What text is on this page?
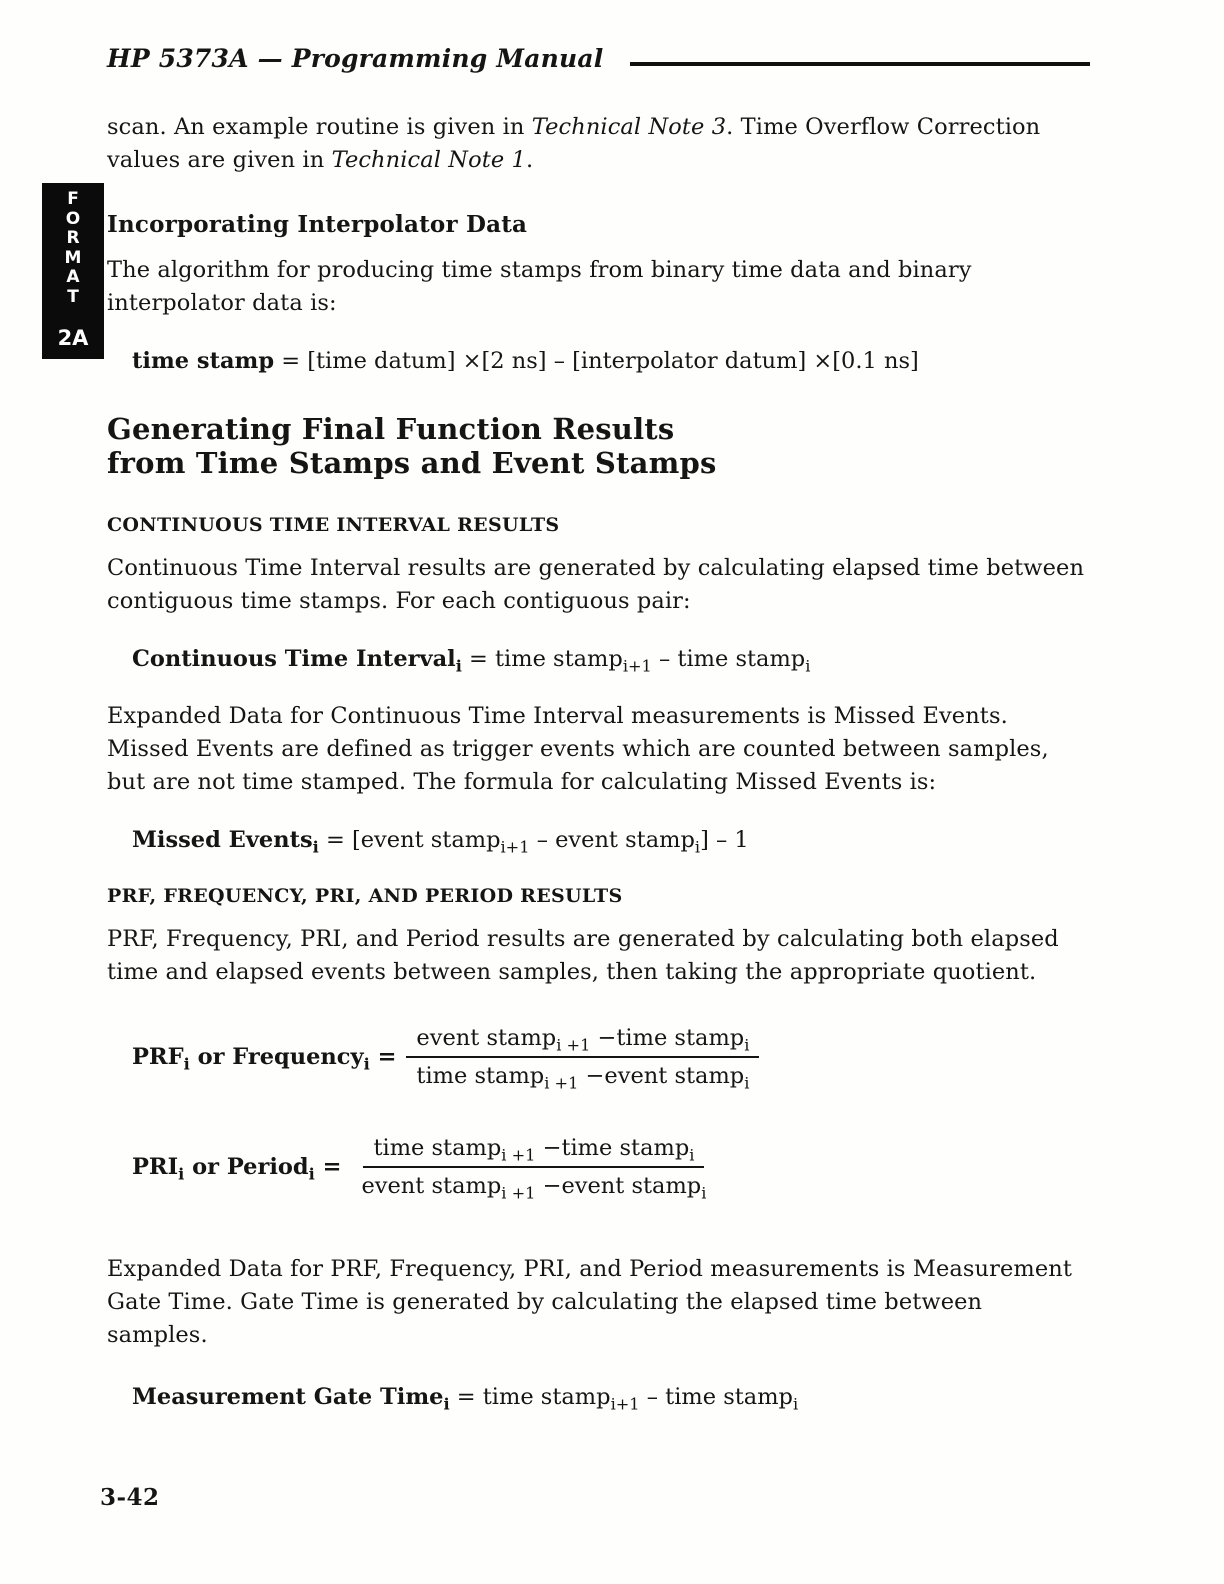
F
O
R
M
A
T
2A
HP 5373A — Programming Manual

scan. An example routine is given in Technical Note 3. Time Overflow Correction values are given in Technical Note 1.

Incorporating Interpolator Data

The algorithm for producing time stamps from binary time data and binary interpolator data is:

time stamp = [time datum] ×[2 ns] – [interpolator datum] ×[0.1 ns]
Generating Final Function Results
from Time Stamps and Event Stamps
CONTINUOUS TIME INTERVAL RESULTS

Continuous Time Interval results are generated by calculating elapsed time between contiguous time stamps. For each contiguous pair:

Continuous Time Interval$_i$ = time stamp$_{i+1}$ – time stamp$_i$

Expanded Data for Continuous Time Interval measurements is Missed Events. Missed Events are defined as trigger events which are counted between samples, but are not time stamped. The formula for calculating Missed Events is:

Missed Events$_i$ = [event stamp$_{i+1}$ – event stamp$_i$] – 1
PRF, FREQUENCY, PRI, AND PERIOD RESULTS

PRF, Frequency, PRI, and Period results are generated by calculating both elapsed time and elapsed events between samples, then taking the appropriate quotient.

$PRF_i$ or Frequency$_i$ = $\frac{event stamp_{i +1} -time stamp_i}{time stamp_{i +1} -event stamp_i}$
$PRI_i$ or Period$_i$ = $\frac{time stamp_{i +1} -time stamp_i}{event stamp_{i +1} -event stamp_i}$

Expanded Data for PRF, Frequency, PRI, and Period measurements is Measurement Gate Time. Gate Time is generated by calculating the elapsed time between samples.

Measurement Gate Time$_i$ = time stamp$_{i+1}$ – time stamp$_i$
3-42
